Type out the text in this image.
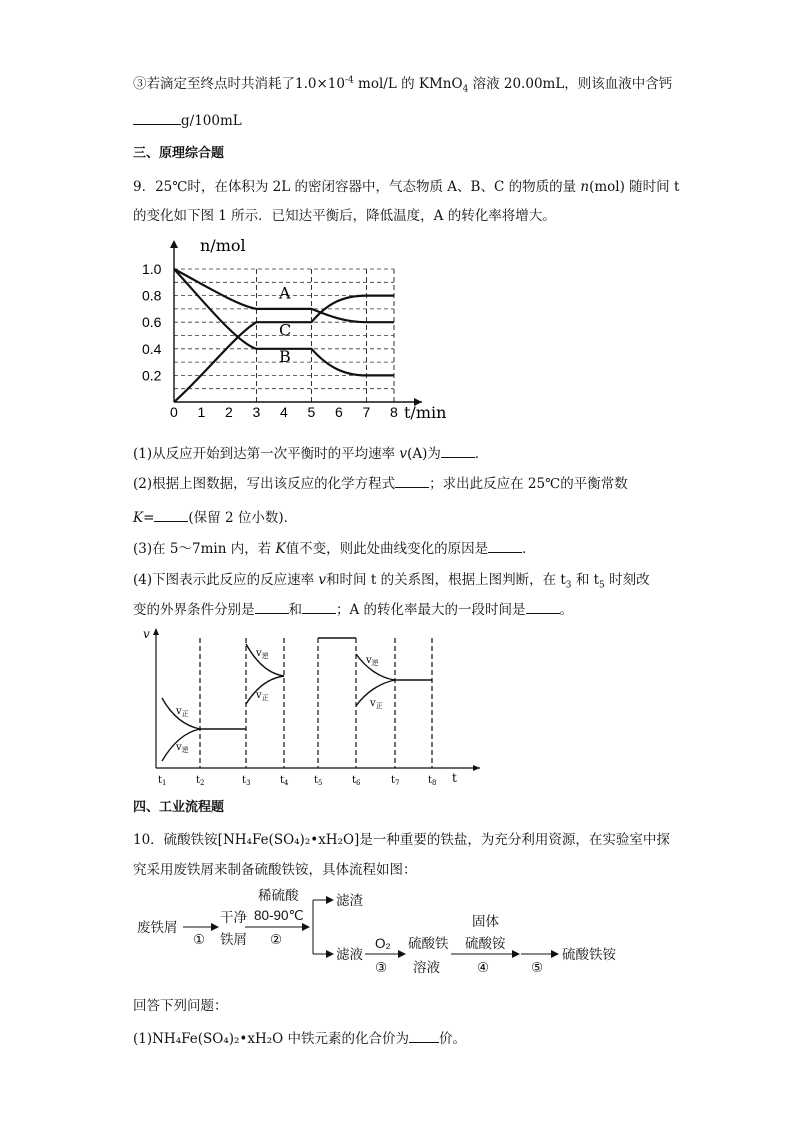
③若滴定至终点时共消耗了$1.0\times 10^{-4}$ mol/L 的 KMnO$_4$ 溶液 20.00mL，则该血液中含钙
g/100mL
三、原理综合题
9．25℃时，在体积为 2L 的密闭容器中，气态物质 A、B、C 的物质的量 n(mol) 随时间 t
的变化如下图 1 所示．已知达平衡后，降低温度，A 的转化率将增大。
0 1 2 3 4 5 6 7 8
0.2
0.4
0.6
0.8
1.0
n/mol
t/min
A
B
C
(1)从反应开始到达第一次平衡时的平均速率 v(A)为	．
(2)根据上图数据，写出该反应的化学方程式	；求出此反应在 25℃的平衡常数
K=	(保留 2 位小数)．
(3)在 5～7min 内，若 K值不变，则此处曲线变化的原因是	．
(4)下图表示此反应的反应速率 v和时间 t 的关系图，根据上图判断，在 $t_3$ 和 $t_5$ 时刻改
变的外界条件分别是	和	；A 的转化率最大的一段时间是	。
v
t
$t_1$	$t_2$	$t_3$	$t_4$	$t_5$	$t_6$	$t_7$	$t_8$
$v_逆$
$v_正$
$v_逆$
$v_正$
$v_逆$
$v_正$
四、工业流程题
10．硫酸铁铵[NH₄Fe(SO₄)₂•xH₂O]是一种重要的铁盐，为充分利用资源，在实验室中探
究采用废铁屑来制备硫酸铁铵，具体流程如图：
废铁屑
①
干净
铁屑
稀硫酸
80-90℃
②
滤渣
滤液
O₂
③
硫酸铁
溶液
固体
硫酸铵
④	⑤
硫酸铁铵
回答下列问题：
(1)NH₄Fe(SO₄)₂•xH₂O 中铁元素的化合价为 价。
